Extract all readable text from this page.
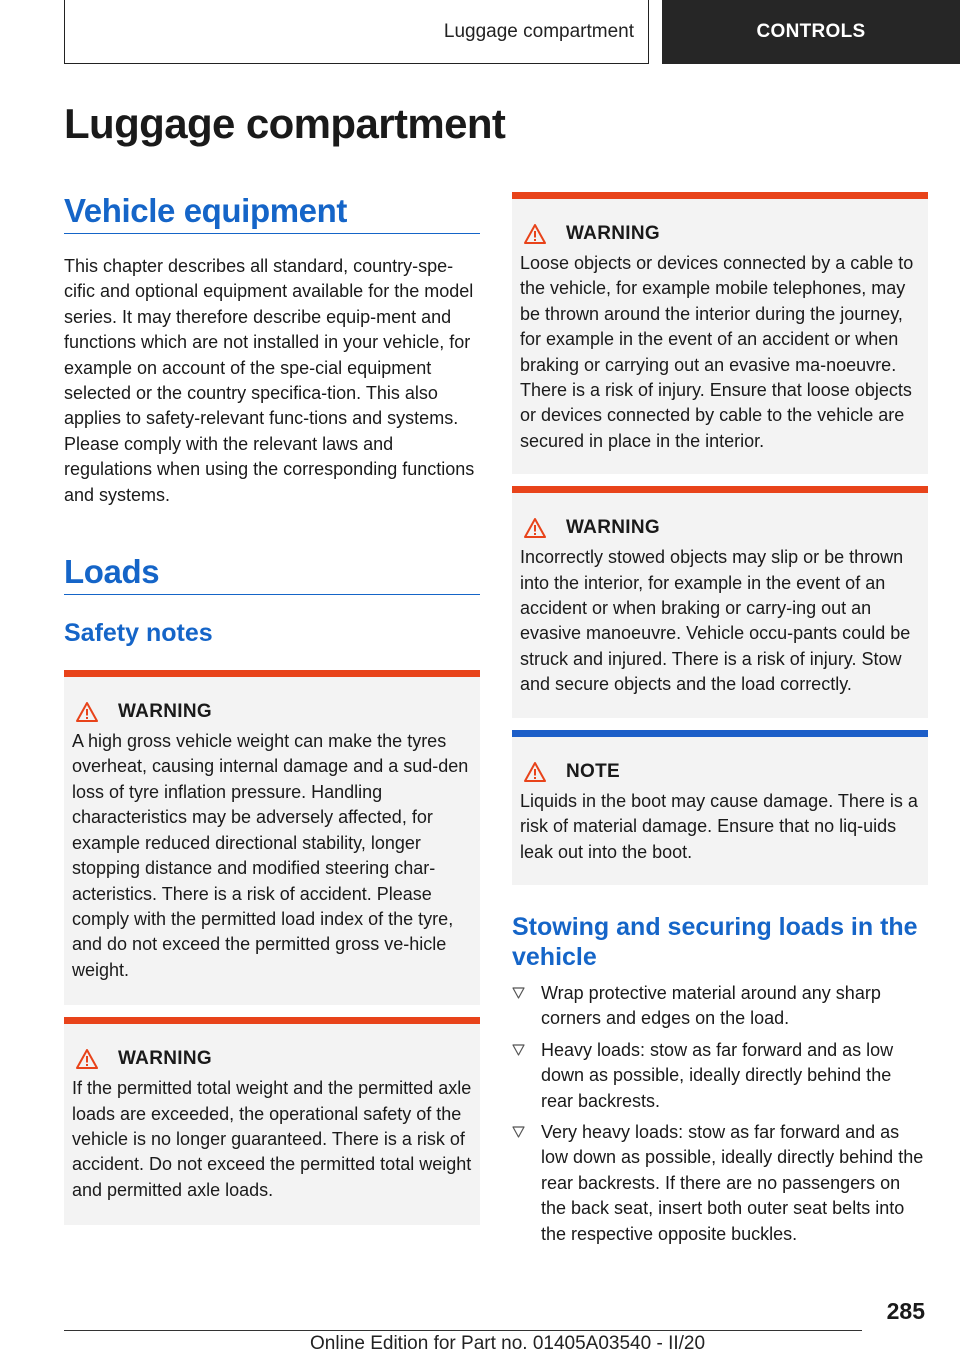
Luggage compartment	CONTROLS
Luggage compartment
Vehicle equipment

This chapter describes all standard, country-spe-cific and optional equipment available for the model series. It may therefore describe equip-ment and functions which are not installed in your vehicle, for example on account of the spe-cial equipment selected or the country specifica-tion. This also applies to safety-relevant func-tions and systems. Please comply with the relevant laws and regulations when using the corresponding functions and systems.

Loads
Safety notes
WARNING

A high gross vehicle weight can make the tyres overheat, causing internal damage and a sud-den loss of tyre inflation pressure. Handling characteristics may be adversely affected, for example reduced directional stability, longer stopping distance and modified steering char-acteristics. There is a risk of accident. Please comply with the permitted load index of the tyre, and do not exceed the permitted gross ve-hicle weight.

WARNING

If the permitted total weight and the permitted axle loads are exceeded, the operational safety of the vehicle is no longer guaranteed. There is a risk of accident. Do not exceed the permitted total weight and permitted axle loads.

WARNING

Loose objects or devices connected by a cable to the vehicle, for example mobile telephones, may be thrown around the interior during the journey, for example in the event of an accident or when braking or carrying out an evasive ma-noeuvre. There is a risk of injury. Ensure that loose objects or devices connected by cable to the vehicle are secured in place in the interior.

WARNING

Incorrectly stowed objects may slip or be thrown into the interior, for example in the event of an accident or when braking or carry-ing out an evasive manoeuvre. Vehicle occu-pants could be struck and injured. There is a risk of injury. Stow and secure objects and the load correctly.

NOTE

Liquids in the boot may cause damage. There is a risk of material damage. Ensure that no liq-uids leak out into the boot.

Stowing and securing loads in the vehicle
Wrap protective material around any sharp corners and edges on the load.
Heavy loads: stow as far forward and as low down as possible, ideally directly behind the rear backrests.
Very heavy loads: stow as far forward and as low down as possible, ideally directly behind the rear backrests. If there are no passengers on the back seat, insert both outer seat belts into the respective opposite buckles.
285
Online Edition for Part no. 01405A03540 - II/20
